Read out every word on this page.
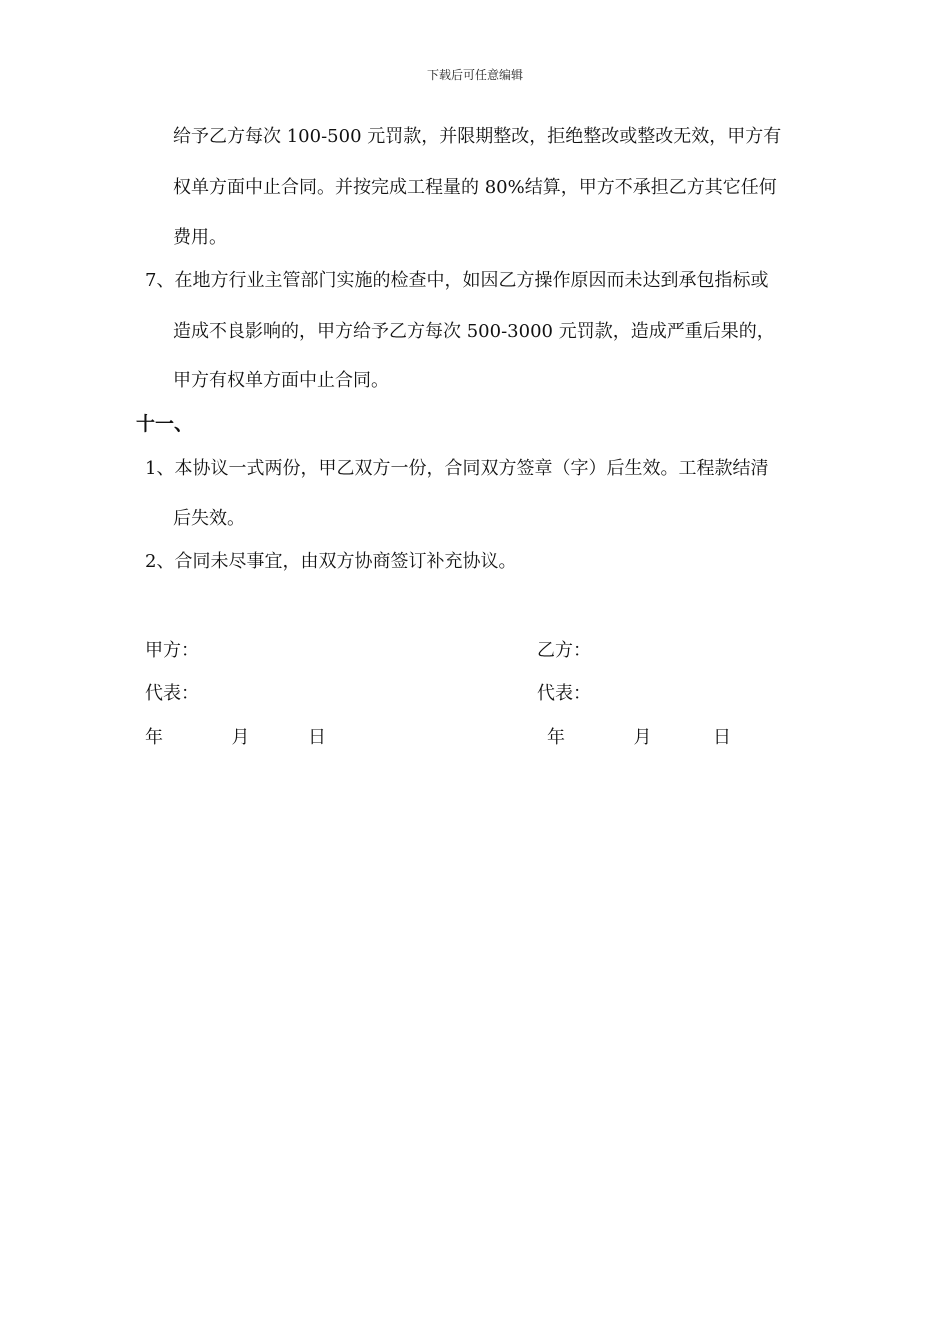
下载后可任意编辑
给予乙方每次 100-500 元罚款，并限期整改，拒绝整改或整改无效，甲方有
权单方面中止合同。并按完成工程量的 80%结算，甲方不承担乙方其它任何
费用。
7、在地方行业主管部门实施的检查中，如因乙方操作原因而未达到承包指标或
造成不良影响的，甲方给予乙方每次 500-3000 元罚款，造成严重后果的，
甲方有权单方面中止合同。
十一、
1、本协议一式两份，甲乙双方一份，合同双方签章（字）后生效。工程款结清
后失效。
2、合同未尽事宜，由双方协商签订补充协议。
甲方：	乙方：
代表：	代表：
年	月	日	年	月	日
